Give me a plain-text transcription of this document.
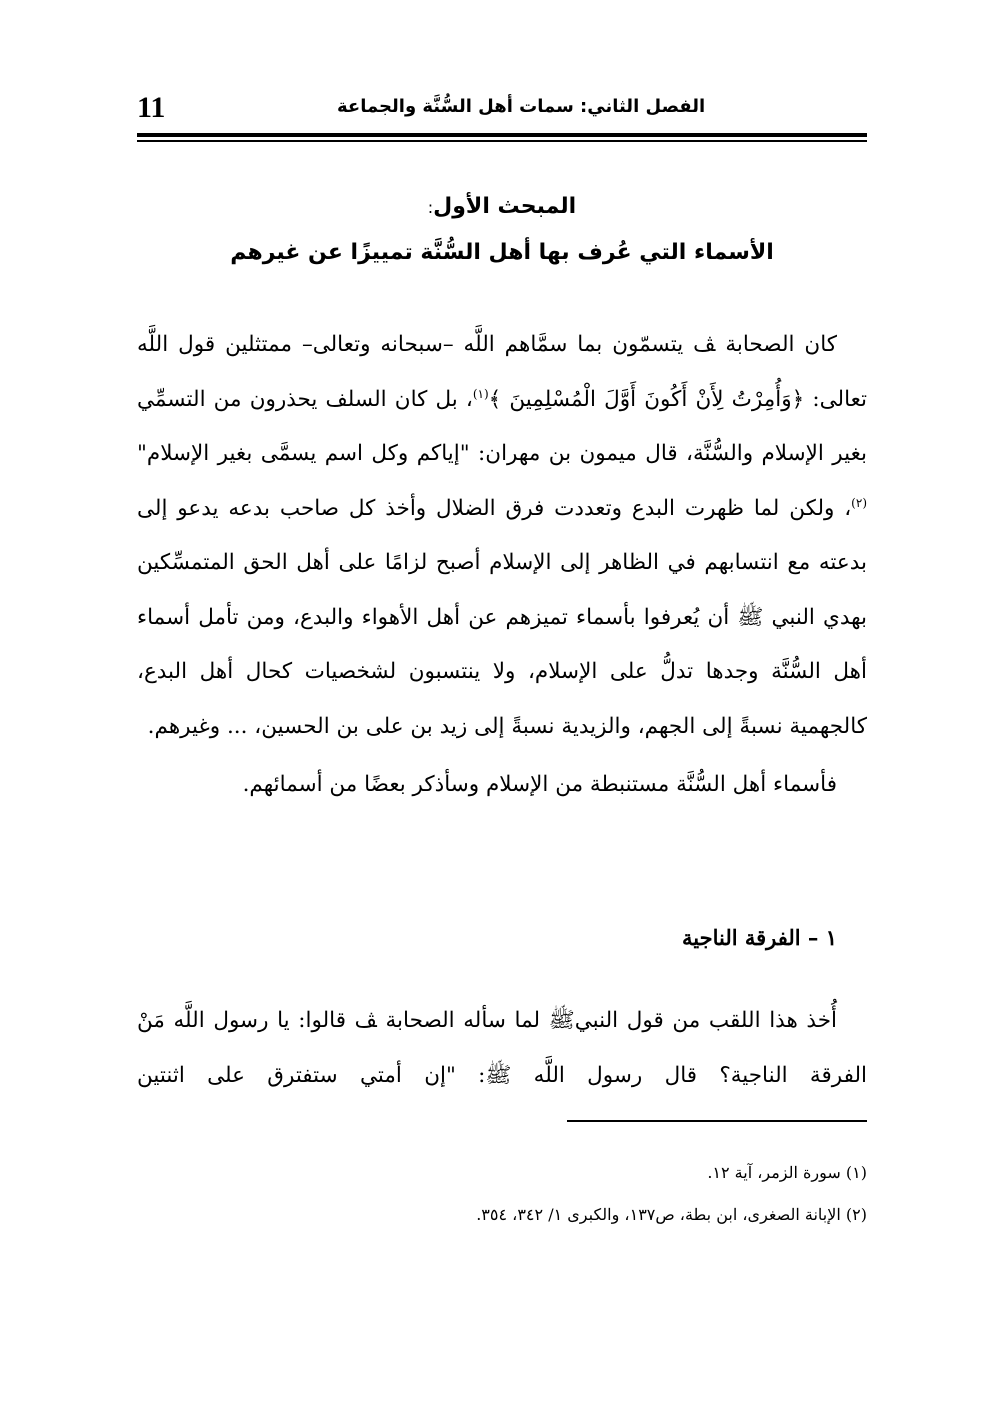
11	الفصل الثاني: سمات أهل السُّنَّة والجماعة
المبحث الأول:
الأسماء التي عُرف بها أهل السُّنَّة تمييزًا عن غيرهم

كان الصحابة ﭫ يتسمّون بما سمَّاهم اللَّه –سبحانه وتعالى– ممتثلين قول اللَّه تعالى: ﴿وَأُمِرْتُ لِأَنْ أَكُونَ أَوَّلَ الْمُسْلِمِينَ ﴾$^{(١)}$، بل كان السلف يحذرون من التسمِّي بغير الإسلام والسُّنَّة، قال ميمون بن مهران: "إياكم وكل اسم يسمَّى بغير الإسلام"$^{(٢)}$، ولكن لما ظهرت البدع وتعددت فرق الضلال وأخذ كل صاحب بدعه يدعو إلى بدعته مع انتسابهم في الظاهر إلى الإسلام أصبح لزامًا على أهل الحق المتمسِّكين بهدي النبي ﷺ أن يُعرفوا بأسماء تميزهم عن أهل الأهواء والبدع، ومن تأمل أسماء أهل السُّنَّة وجدها تدلُّ على الإسلام، ولا ينتسبون لشخصيات كحال أهل البدع، كالجهمية نسبةً إلى الجهم، والزيدية نسبةً إلى زيد بن على بن الحسين، ... وغيرهم.

فأسماء أهل السُّنَّة مستنبطة من الإسلام وسأذكر بعضًا من أسمائهم.

١ – الفرقة الناجية

أُخذ هذا اللقب من قول النبيﷺ لما سأله الصحابة ﭫ قالوا: يا رسول اللَّه مَنْ الفرقة الناجية؟ قال رسول اللَّه ﷺ: "إن أمتي ستفترق على اثنتين

(١) سورة الزمر، آية ١٢.
(٢) الإبانة الصغرى، ابن بطة، ص١٣٧، والكبرى ١/ ٣٤٢، ٣٥٤.
